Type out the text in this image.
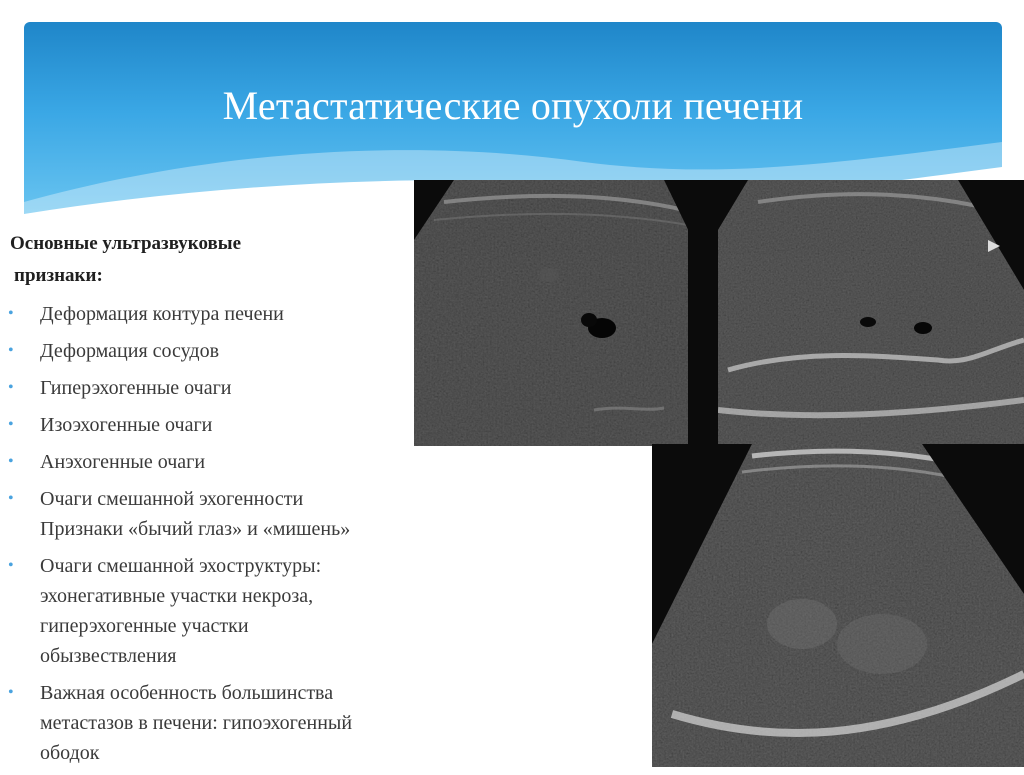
Метастатические опухоли печени
Основные ультразвуковые
признаки:
• Деформация контура печени
• Деформация сосудов
• Гиперэхогенные очаги
• Изоэхогенные очаги
• Анэхогенные очаги
• Очаги смешанной эхогенности
Признаки «бычий глаз» и «мишень»
• Очаги смешанной эхоструктуры:
эхонегативные участки некроза,
гиперэхогенные участки
обызвествления
• Важная особенность большинства
метастазов в печени: гипоэхогенный
ободок
